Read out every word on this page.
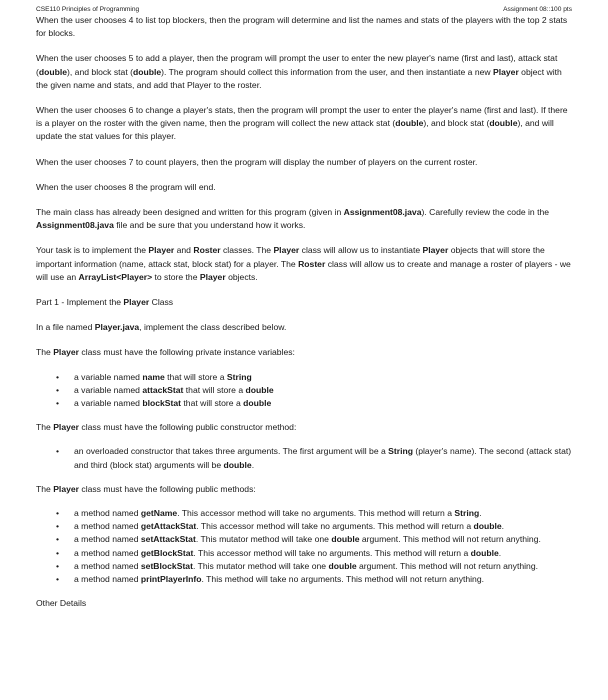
CSE110 Principles of Programming	Assignment 08::100 pts

When the user chooses 4 to list top blockers, then the program will determine and list the names and stats of the players with the top 2 stats for blocks.

When the user chooses 5 to add a player, then the program will prompt the user to enter the new player's name (first and last), attack stat (double), and block stat (double). The program should collect this information from the user, and then instantiate a new Player object with the given name and stats, and add that Player to the roster.

When the user chooses 6 to change a player's stats, then the program will prompt the user to enter the player's name (first and last). If there is a player on the roster with the given name, then the program will collect the new attack stat (double), and block stat (double), and will update the stat values for this player.

When the user chooses 7 to count players, then the program will display the number of players on the current roster.

When the user chooses 8 the program will end.

The main class has already been designed and written for this program (given in Assignment08.java). Carefully review the code in the Assignment08.java file and be sure that you understand how it works.

Your task is to implement the Player and Roster classes. The Player class will allow us to instantiate Player objects that will store the important information (name, attack stat, block stat) for a player. The Roster class will allow us to create and manage a roster of players - we will use an ArrayList<Player> to store the Player objects.

Part 1 - Implement the Player Class

In a file named Player.java, implement the class described below.

The Player class must have the following private instance variables:

• a variable named name that will store a String
• a variable named attackStat that will store a double
• a variable named blockStat that will store a double

The Player class must have the following public constructor method:

• an overloaded constructor that takes three arguments. The first argument will be a String (player's name). The second (attack stat) and third (block stat) arguments will be double.

The Player class must have the following public methods:

• a method named getName. This accessor method will take no arguments. This method will return a String.
• a method named getAttackStat. This accessor method will take no arguments. This method will return a double.
• a method named setAttackStat. This mutator method will take one double argument. This method will not return anything.
• a method named getBlockStat. This accessor method will take no arguments. This method will return a double.
• a method named setBlockStat. This mutator method will take one double argument. This method will not return anything.
• a method named printPlayerInfo. This method will take no arguments. This method will not return anything.

Other Details
